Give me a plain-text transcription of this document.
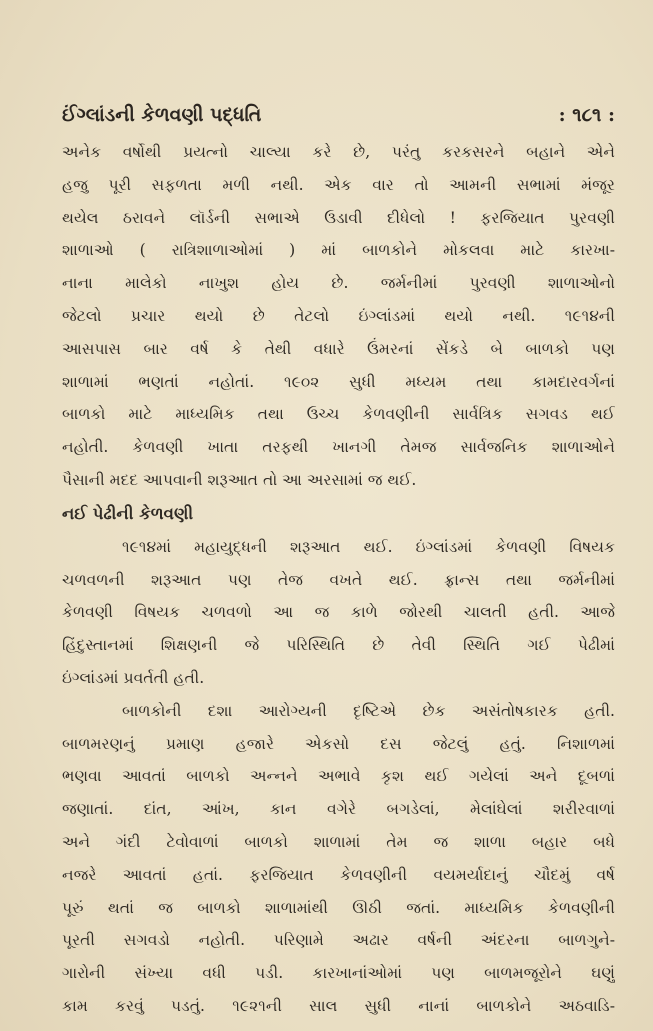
ઈંગ્લાંડની કેળવણી પદ્ધતિ	: ૧૮૧ :
અનેક વર્ષોથી પ્રયત્નો ચાલ્યા કરે છે, પરંતુ કરકસરને બહાને એને
હજુ પૂરી સફળતા મળી નથી. એક વાર તો આમની સભામાં મંજૂર
થયેલ ઠરાવને લૉર્ડની સભાએ ઉડાવી દીધેલો ! ફરજિયાત પુરવણી
શાળાઓ ( રાત્રિશાળાઓમાં ) માં બાળકોને મોકલવા માટે કારખા-
નાના માલેકો નાખુશ હોય છે. જર્મનીમાં પુરવણી શાળાઓનો
જેટલો પ્રચાર થયો છે તેટલો ઇંગ્લાંડમાં થયો નથી. ૧૯૧૪ની
આસપાસ બાર વર્ષ કે તેથી વધારે ઉંમરનાં સેંકડે બે બાળકો પણ
શાળામાં ભણતાં નહોતાં. ૧૯૦૨ સુધી મધ્યમ તથા કામદારવર્ગનાં
બાળકો માટે માધ્યમિક તથા ઉચ્ચ કેળવણીની સાર્વત્રિક સગવડ થઈ
નહોતી. કેળવણી ખાતા તરફથી ખાનગી તેમજ સાર્વજનિક શાળાઓને
પૈસાની મદદ આપવાની શરૂઆત તો આ અરસામાં જ થઈ.
નઈ પેઢીની કેળવણી
૧૯૧૪માં મહાયુદ્ધની શરૂઆત થઈ. ઇંગ્લાંડમાં કેળવણી વિષયક
ચળવળની શરૂઆત પણ તેજ વખતે થઈ. ફ્રાન્સ તથા જર્મનીમાં
કેળવણી વિષયક ચળવળો આ જ કાળે જોરથી ચાલતી હતી. આજે
હિંદુસ્તાનમાં શિક્ષણની જે પરિસ્થિતિ છે તેવી સ્થિતિ ગઈ પેઢીમાં
ઇંગ્લાંડમાં પ્રવર્તતી હતી.
બાળકોની દશા આરોગ્યની દૃષ્ટિએ છેક અસંતોષકારક હતી.
બાળમરણનું પ્રમાણ હજારે એકસો દસ જેટલું હતું. નિશાળમાં
ભણવા આવતાં બાળકો અન્નને અભાવે કૃશ થઈ ગયેલાં અને દૂબળાં
જણાતાં. દાંત, આંખ, કાન વગેરે બગડેલાં, મેલાંઘેલાં શરીરવાળાં
અને ગંદી ટેવોવાળાં બાળકો શાળામાં તેમ જ શાળા બહાર બધે
નજરે આવતાં હતાં. ફરજિયાત કેળવણીની વયમર્યાદાનું ચૌદમું વર્ષ
પૂરું થતાં જ બાળકો શાળામાંથી ઊઠી જતાં. માધ્યમિક કેળવણીની
પૂરતી સગવડો નહોતી. પરિણામે અઢાર વર્ષની અંદરના બાળગુને-
ગારોની સંખ્યા વધી પડી. કારખાનાંઓમાં પણ બાળમજૂરોને ઘણું
કામ કરવું પડતું. ૧૯૨૧ની સાલ સુધી નાનાં બાળકોને અઠવાડિ-
